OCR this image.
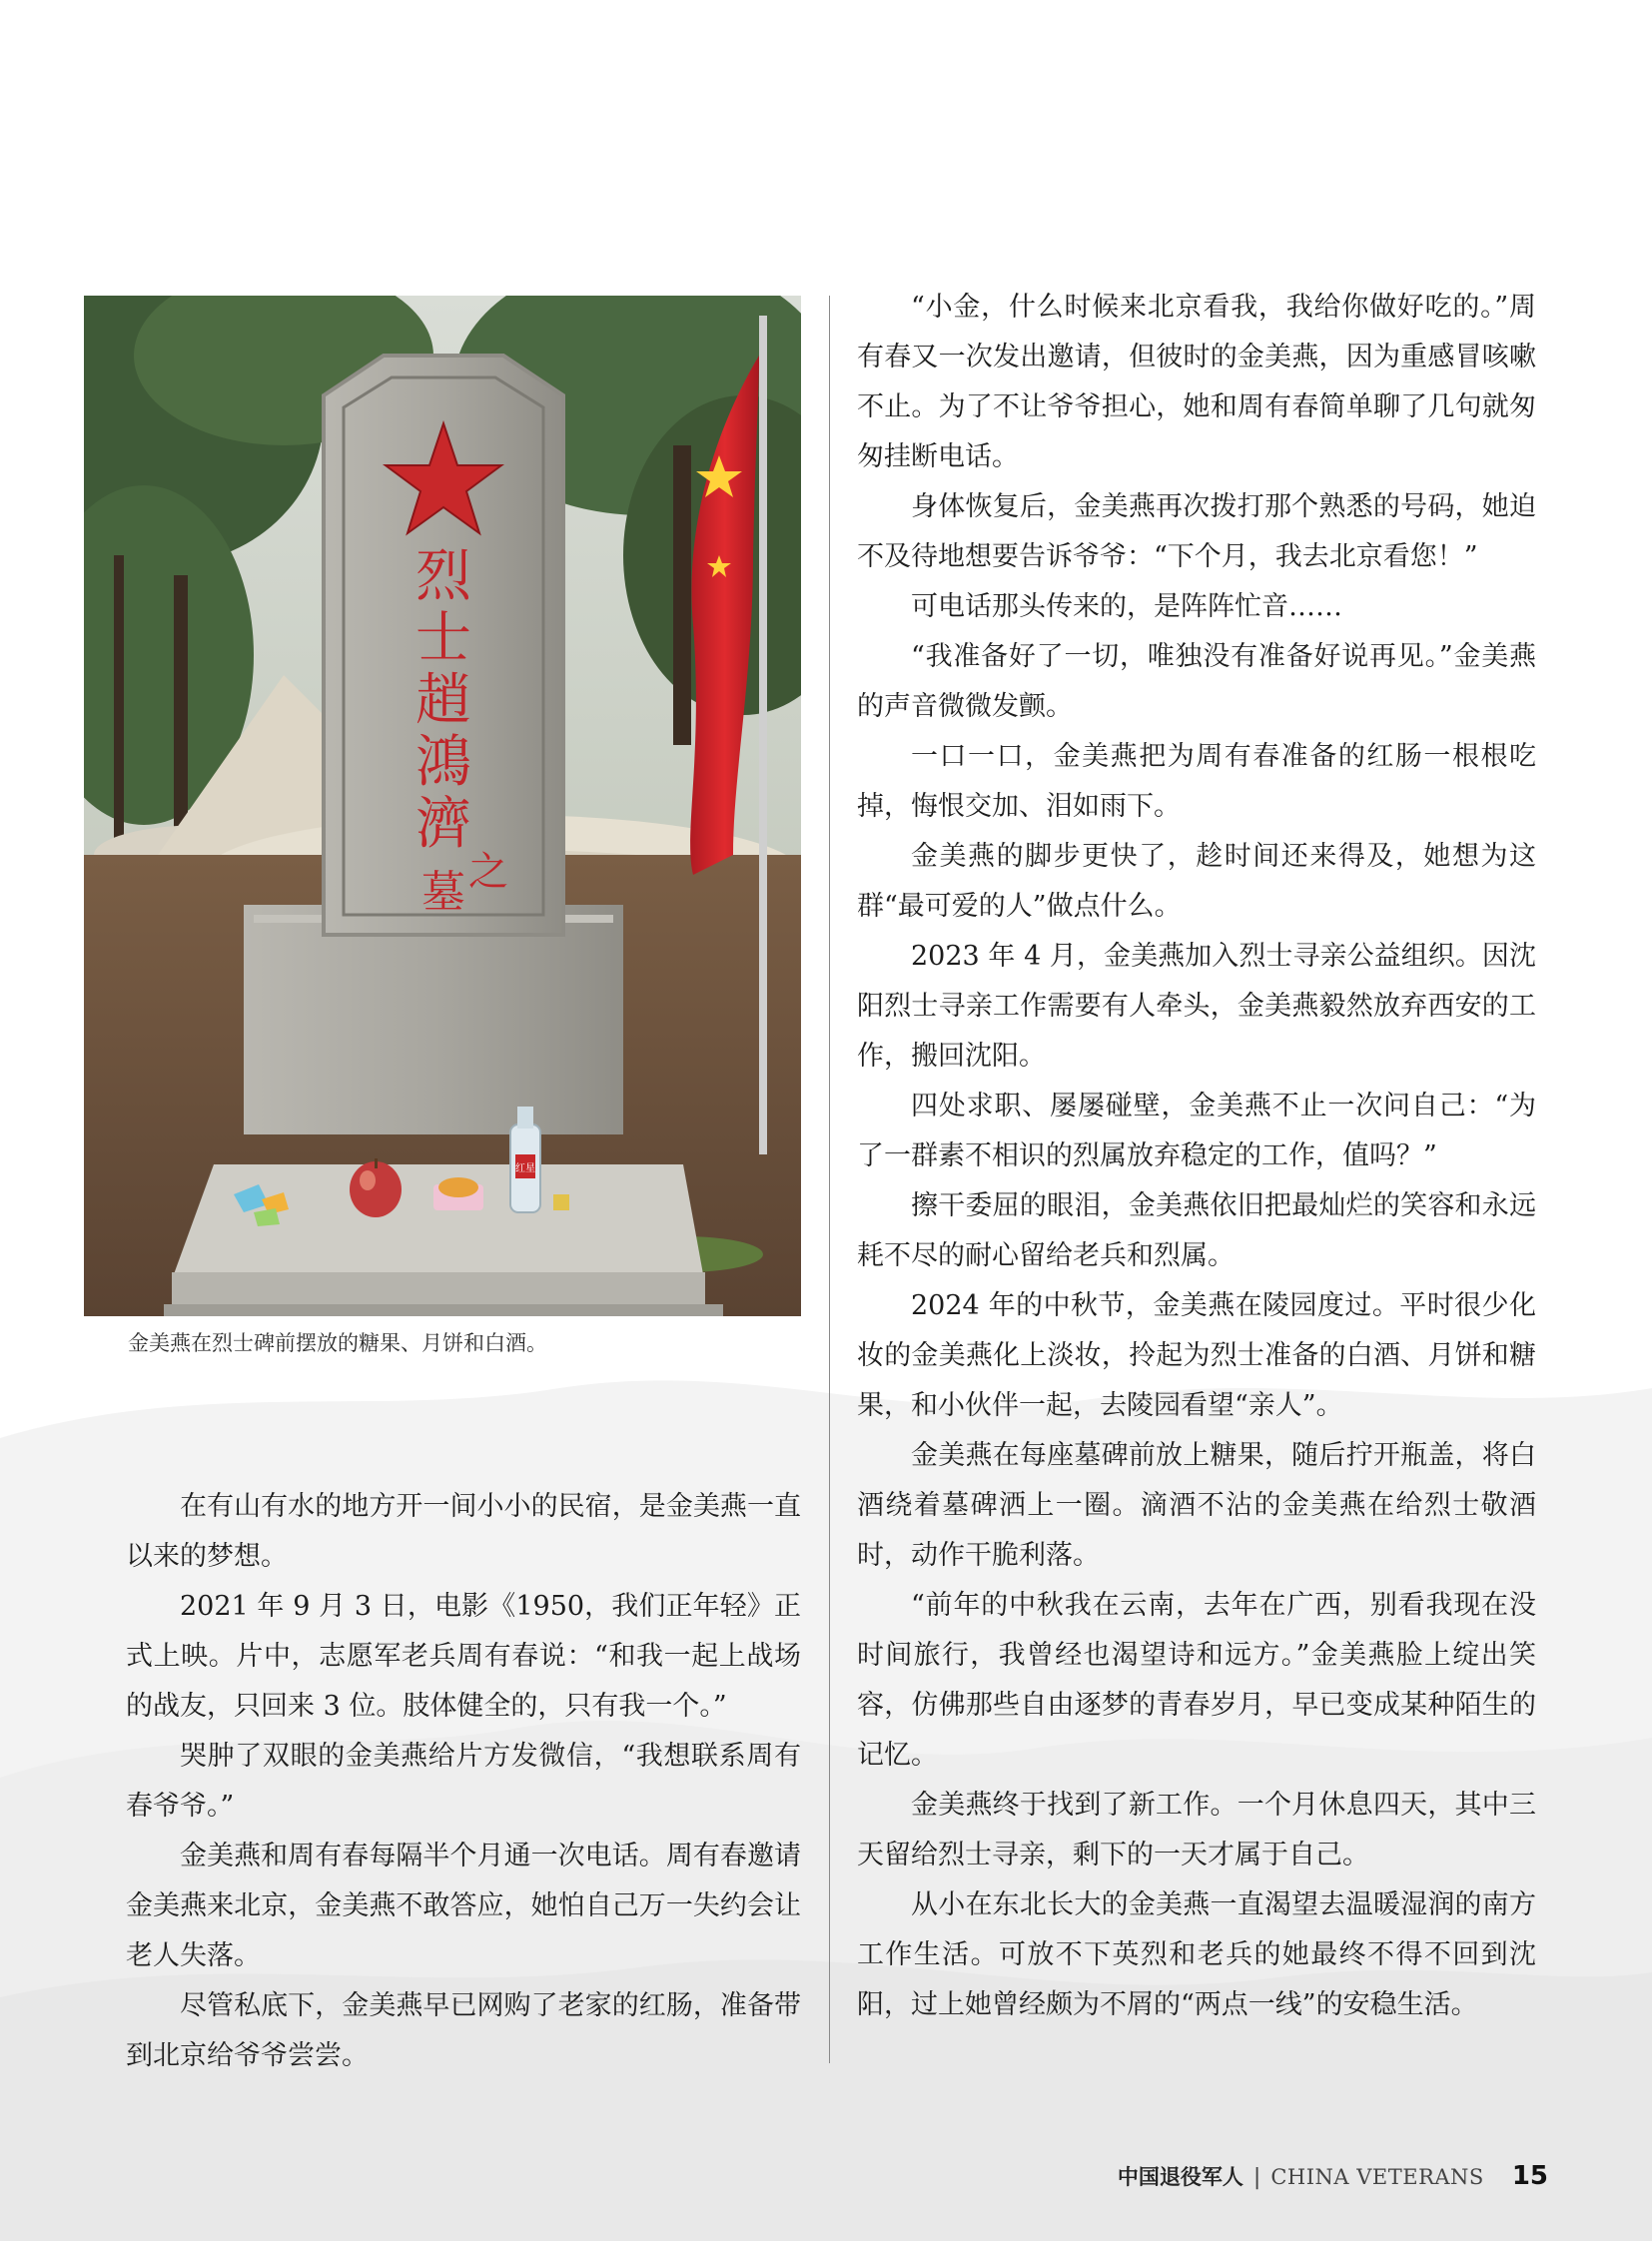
烈
士
趙
鴻
濟
之
墓
红星
金美燕在烈士碑前摆放的糖果、月饼和白酒。

在有山有水的地方开一间小小的民宿，是金美燕一直以来的梦想。

2021 年 9 月 3 日，电影《1950，我们正年轻》正式上映。片中，志愿军老兵周有春说：“和我一起上战场的战友，只回来 3 位。肢体健全的，只有我一个。”

哭肿了双眼的金美燕给片方发微信，“我想联系周有春爷爷。”

金美燕和周有春每隔半个月通一次电话。周有春邀请金美燕来北京，金美燕不敢答应，她怕自己万一失约会让老人失落。

尽管私底下，金美燕早已网购了老家的红肠，准备带到北京给爷爷尝尝。

“小金，什么时候来北京看我，我给你做好吃的。”周有春又一次发出邀请，但彼时的金美燕，因为重感冒咳嗽不止。为了不让爷爷担心，她和周有春简单聊了几句就匆匆挂断电话。

身体恢复后，金美燕再次拨打那个熟悉的号码，她迫不及待地想要告诉爷爷：“下个月，我去北京看您！”

可电话那头传来的，是阵阵忙音……

“我准备好了一切，唯独没有准备好说再见。”金美燕的声音微微发颤。

一口一口，金美燕把为周有春准备的红肠一根根吃掉，悔恨交加、泪如雨下。

金美燕的脚步更快了，趁时间还来得及，她想为这群“最可爱的人”做点什么。

2023 年 4 月，金美燕加入烈士寻亲公益组织。因沈阳烈士寻亲工作需要有人牵头，金美燕毅然放弃西安的工作，搬回沈阳。

四处求职、屡屡碰壁，金美燕不止一次问自己：“为了一群素不相识的烈属放弃稳定的工作，值吗？”

擦干委屈的眼泪，金美燕依旧把最灿烂的笑容和永远耗不尽的耐心留给老兵和烈属。

2024 年的中秋节，金美燕在陵园度过。平时很少化妆的金美燕化上淡妆，拎起为烈士准备的白酒、月饼和糖果，和小伙伴一起，去陵园看望“亲人”。

金美燕在每座墓碑前放上糖果，随后拧开瓶盖，将白酒绕着墓碑洒上一圈。滴酒不沾的金美燕在给烈士敬酒时，动作干脆利落。

“前年的中秋我在云南，去年在广西，别看我现在没时间旅行，我曾经也渴望诗和远方。”金美燕脸上绽出笑容，仿佛那些自由逐梦的青春岁月，早已变成某种陌生的记忆。

金美燕终于找到了新工作。一个月休息四天，其中三天留给烈士寻亲，剩下的一天才属于自己。

从小在东北长大的金美燕一直渴望去温暖湿润的南方工作生活。可放不下英烈和老兵的她最终不得不回到沈阳，过上她曾经颇为不屑的“两点一线”的安稳生活。

中国退役军人 | CHINA VETERANS 15
